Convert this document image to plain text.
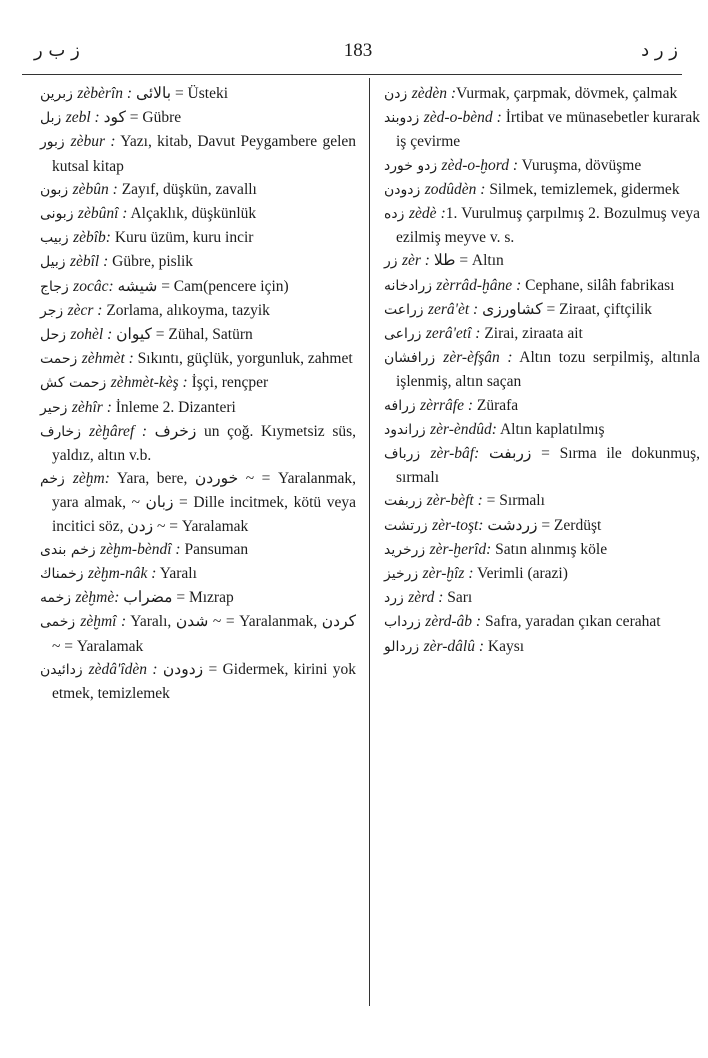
ز ب ر	183	ز ر د
زبرين zèbèrîn : بالائى = Üsteki
زبل zebl : كود = Gübre
زبور zèbur : Yazı, kitab, Davut Peygambere gelen kutsal kitap
زبون zèbûn : Zayıf, düşkün, zavallı
زبونى zèbûnî : Alçaklık, düşkünlük
زبيب zèbîb: Kuru üzüm, kuru incir
زبيل zèbîl : Gübre, pislik
زجاج zocâc: شيشه = Cam(pencere için)
زجر zècr : Zorlama, alıkoyma, tazyik
زحل zohèl : كيوان = Zühal, Satürn
زحمت zèhmèt : Sıkıntı, güçlük, yorgunluk, zahmet
زحمت كش zèhmèt-kèş : İşçi, rençper
زحير zèhîr : İnleme 2. Dizanteri
زخارف zèḫâref : زخرف un çoğ. Kıymetsiz süs, yaldız, altın v.b.
زخم zèḫm: Yara, bere, خوردن ~ = Yaralanmak, yara almak, ~ زبان = Dille incitmek, kötü veya incitici söz, زدن ~ = Yaralamak
زخم بندى zèḫm-bèndî : Pansuman
زخمناك zèḫm-nâk : Yaralı
زخمه zèḫmè: مضراب = Mızrap
زخمى zèḫmî : Yaralı, شدن ~ = Yaralanmak, كردن ~ = Yaralamak
زدائيدن zèdâ'îdèn : زدودن = Gidermek, kirini yok etmek, temizlemek
زدن zèdèn :Vurmak, çarpmak, dövmek, çalmak
زدوبند zèd-o-bènd : İrtibat ve münasebetler kurarak iş çevirme
زدو خورد zèd-o-ḫord : Vuruşma, dövüşme
زدودن zodûdèn : Silmek, temizlemek, gidermek
زده zèdè :1. Vurulmuş çarpılmış 2. Bozulmuş veya ezilmiş meyve v. s.
زر zèr : طلا = Altın
زرادخانه zèrrâd-ḫâne : Cephane, silâh fabrikası
زراعت zerâ'èt : كشاورزى = Ziraat, çiftçilik
زراعى zerâ'etî : Zirai, ziraata ait
زرافشان zèr-èfşân : Altın tozu serpilmiş, altınla işlenmiş, altın saçan
زرافه zèrrâfe : Zürafa
زراندود zèr-èndûd: Altın kaplatılmış
زرباف zèr-bâf: زربفت = Sırma ile dokunmuş, sırmalı
زربفت zèr-bèft : = Sırmalı
زرتشت zèr-toşt: زردشت = Zerdüşt
زرخريد zèr-ḫerîd: Satın alınmış köle
زرخيز zèr-ḫîz : Verimli (arazi)
زرد zèrd : Sarı
زرداب zèrd-âb : Safra, yaradan çıkan cerahat
زردالو zèr-dâlû : Kaysı
